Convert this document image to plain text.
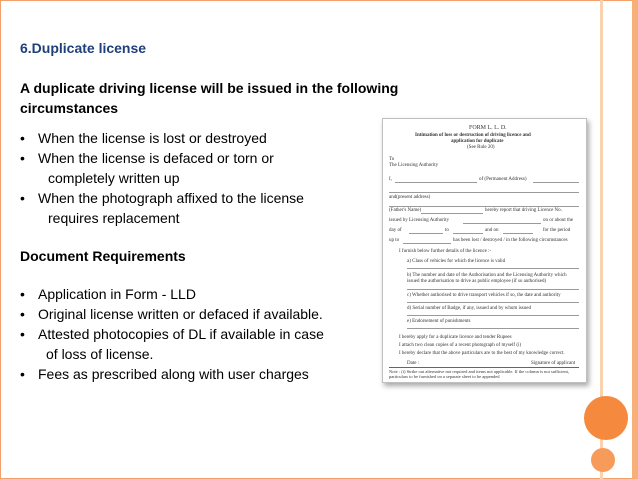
6.Duplicate license
A duplicate driving license will be issued in the following circumstances
• When the license is lost or destroyed
• When the license is defaced or torn or
completely written up
• When the photograph affixed to the license
requires replacement
Document Requirements
• Application in Form - LLD
• Original license written or defaced if available.
• Attested photocopies of DL if available in case
of loss of license.
• Fees as prescribed along with user charges
FORM L. L. D.
Intimation of loss or destruction of driving licence and
application for duplicate
(See Rule 20)
To
The Licensing Authority
I,	of (Permanent Address)
and(present address)
(Father's Name)	hereby report that driving Licence No.
issued by Licensing Authority	on or about the
day of	to	and on	for the period
up to	has been lost / destroyed / in the following circumstances
I furnish below further details of the licence :-
a) Class of vehicles for which the licence is valid
b) The number and date of the Authorisation and the Licensing Authority which issued the authorisation to drive as public employee (if so authorised)
c) Whether authorised to drive transport vehicles if so, the date and authority
d) Serial number of Badge, if any, issued and by whom issued
e) Endorsement of punishments
I hereby apply for a duplicate licence and tender Rupees
I attach two clean copies of a recent photograph of myself (i)
I hereby declare that the above particulars are to the best of my knowledge correct.
Date :	Signature of applicant
Note : (i) Strike out alternative not required and items not applicable. If the column is not sufficient, particulars to be furnished on a separate sheet to be appended
